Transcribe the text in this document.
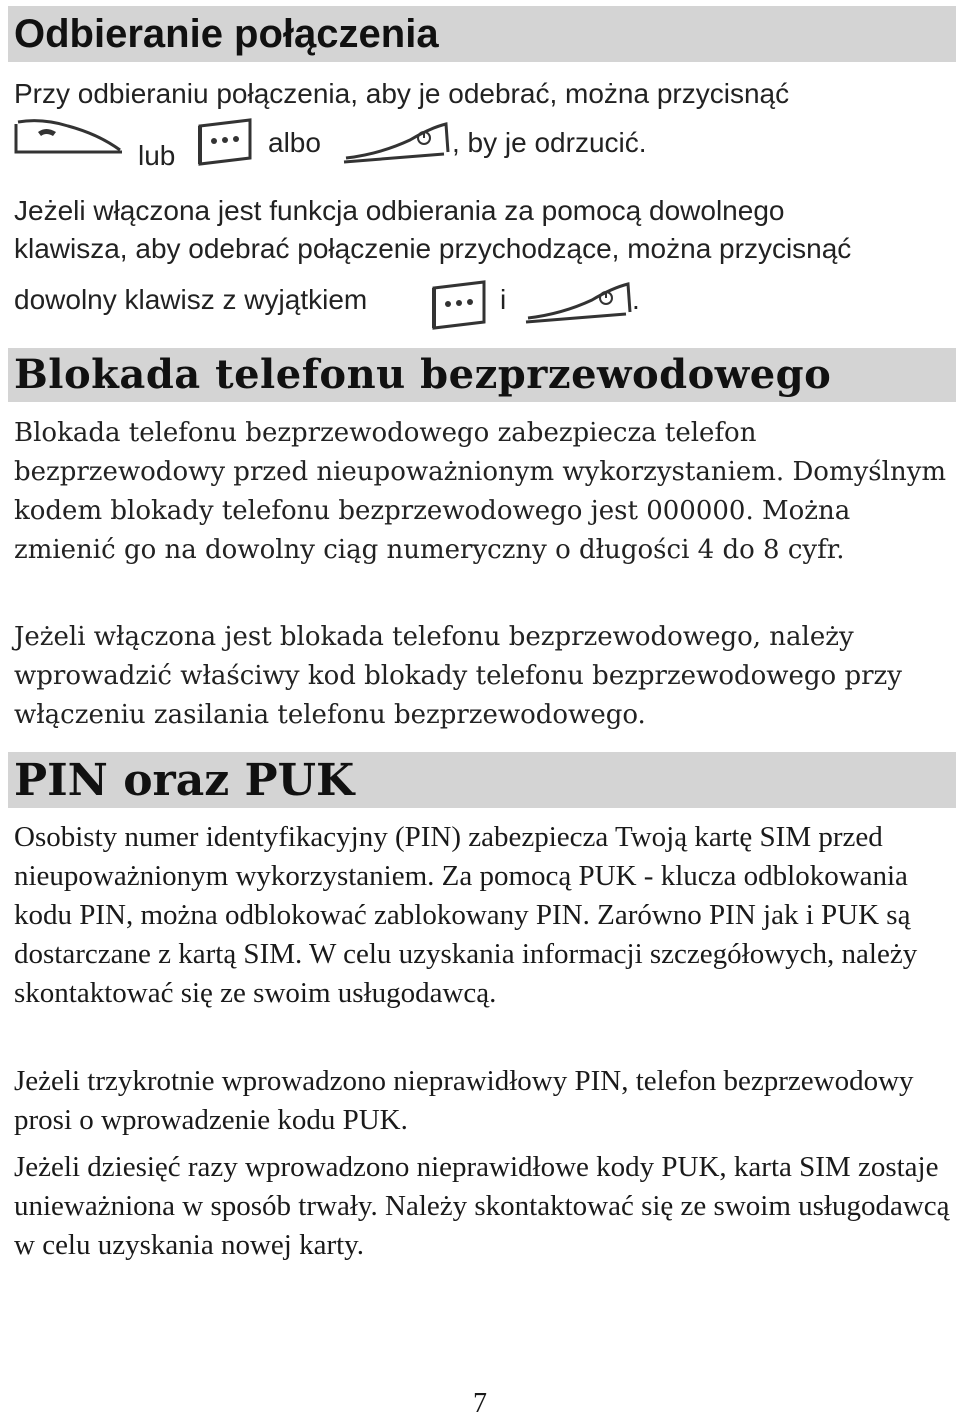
Odbieranie połączenia
Przy odbieraniu połączenia, aby je odebrać, można przycisnąć
lub	albo	, by je odrzucić.
Jeżeli włączona jest funkcja odbierania za pomocą dowolnego
klawisza, aby odebrać połączenie przychodzące, można przycisnąć
dowolny klawisz z wyjątkiem	i	.
Blokada telefonu bezprzewodowego
Blokada telefonu bezprzewodowego zabezpiecza telefon bezprzewodowy przed nieupoważnionym wykorzystaniem. Domyślnym kodem blokady telefonu bezprzewodowego jest 000000. Można zmienić go na dowolny ciąg numeryczny o długości 4 do 8 cyfr.
Jeżeli włączona jest blokada telefonu bezprzewodowego, należy wprowadzić właściwy kod blokady telefonu bezprzewodowego przy włączeniu zasilania telefonu bezprzewodowego.
PIN oraz PUK
Osobisty numer identyfikacyjny (PIN) zabezpiecza Twoją kartę SIM przed nieupoważnionym wykorzystaniem. Za pomocą PUK - klucza odblokowania kodu PIN, można odblokować zablokowany PIN. Zarówno PIN jak i PUK są dostarczane z kartą SIM. W celu uzyskania informacji szczegółowych, należy skontaktować się ze swoim usługodawcą.
Jeżeli trzykrotnie wprowadzono nieprawidłowy PIN, telefon bezprzewodowy prosi o wprowadzenie kodu PUK.
Jeżeli dziesięć razy wprowadzono nieprawidłowe kody PUK, karta SIM zostaje unieważniona w sposób trwały. Należy skontaktować się ze swoim usługodawcą w celu uzyskania nowej karty.
7
